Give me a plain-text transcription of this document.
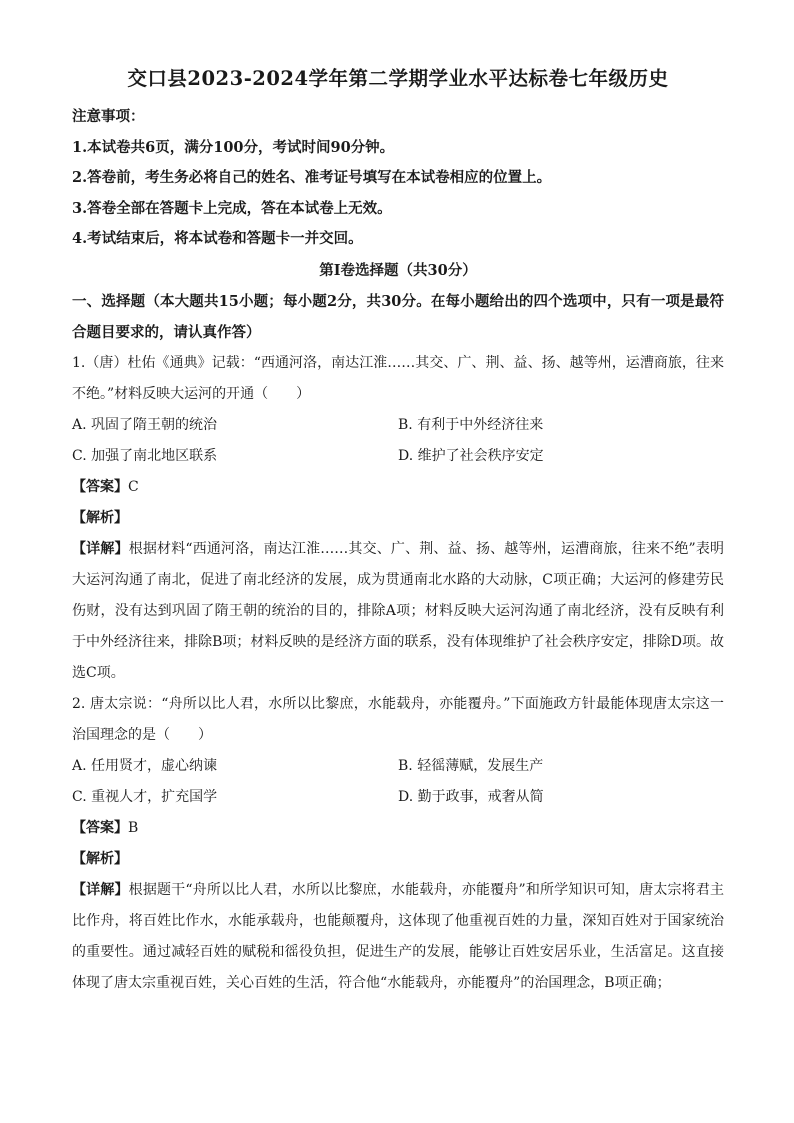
交口县2023-2024学年第二学期学业水平达标卷七年级历史
注意事项：
1.本试卷共6页，满分100分，考试时间90分钟。
2.答卷前，考生务必将自己的姓名、准考证号填写在本试卷相应的位置上。
3.答卷全部在答题卡上完成，答在本试卷上无效。
4.考试结束后，将本试卷和答题卡一并交回。
第Ⅰ卷选择题（共30分）

一、选择题（本大题共15小题；每小题2分，共30分。在每小题给出的四个选项中，只有一项是最符合题目要求的，请认真作答）

1.（唐）杜佑《通典》记载：“西通河洛，南达江淮……其交、广、荆、益、扬、越等州，运漕商旅，往来不绝。”材料反映大运河的开通（　　）

A. 巩固了隋王朝的统治	B. 有利于中外经济往来
C. 加强了南北地区联系	D. 维护了社会秩序安定
【答案】C
【解析】

【详解】根据材料“西通河洛，南达江淮……其交、广、荆、益、扬、越等州，运漕商旅，往来不绝”表明大运河沟通了南北，促进了南北经济的发展，成为贯通南北水路的大动脉，C项正确；大运河的修建劳民伤财，没有达到巩固了隋王朝的统治的目的，排除A项；材料反映大运河沟通了南北经济，没有反映有利于中外经济往来，排除B项；材料反映的是经济方面的联系，没有体现维护了社会秩序安定，排除D项。故选C项。

2. 唐太宗说：“舟所以比人君，水所以比黎庶，水能载舟，亦能覆舟。”下面施政方针最能体现唐太宗这一治国理念的是（　　）

A. 任用贤才，虚心纳谏	B. 轻徭薄赋，发展生产
C. 重视人才，扩充国学	D. 勤于政事，戒奢从简
【答案】B
【解析】

【详解】根据题干“舟所以比人君，水所以比黎庶，水能载舟，亦能覆舟”和所学知识可知，唐太宗将君主比作舟，将百姓比作水，水能承载舟，也能颠覆舟，这体现了他重视百姓的力量，深知百姓对于国家统治的重要性。通过减轻百姓的赋税和徭役负担，促进生产的发展，能够让百姓安居乐业，生活富足。这直接体现了唐太宗重视百姓，关心百姓的生活，符合他“水能载舟，亦能覆舟”的治国理念，B项正确；
